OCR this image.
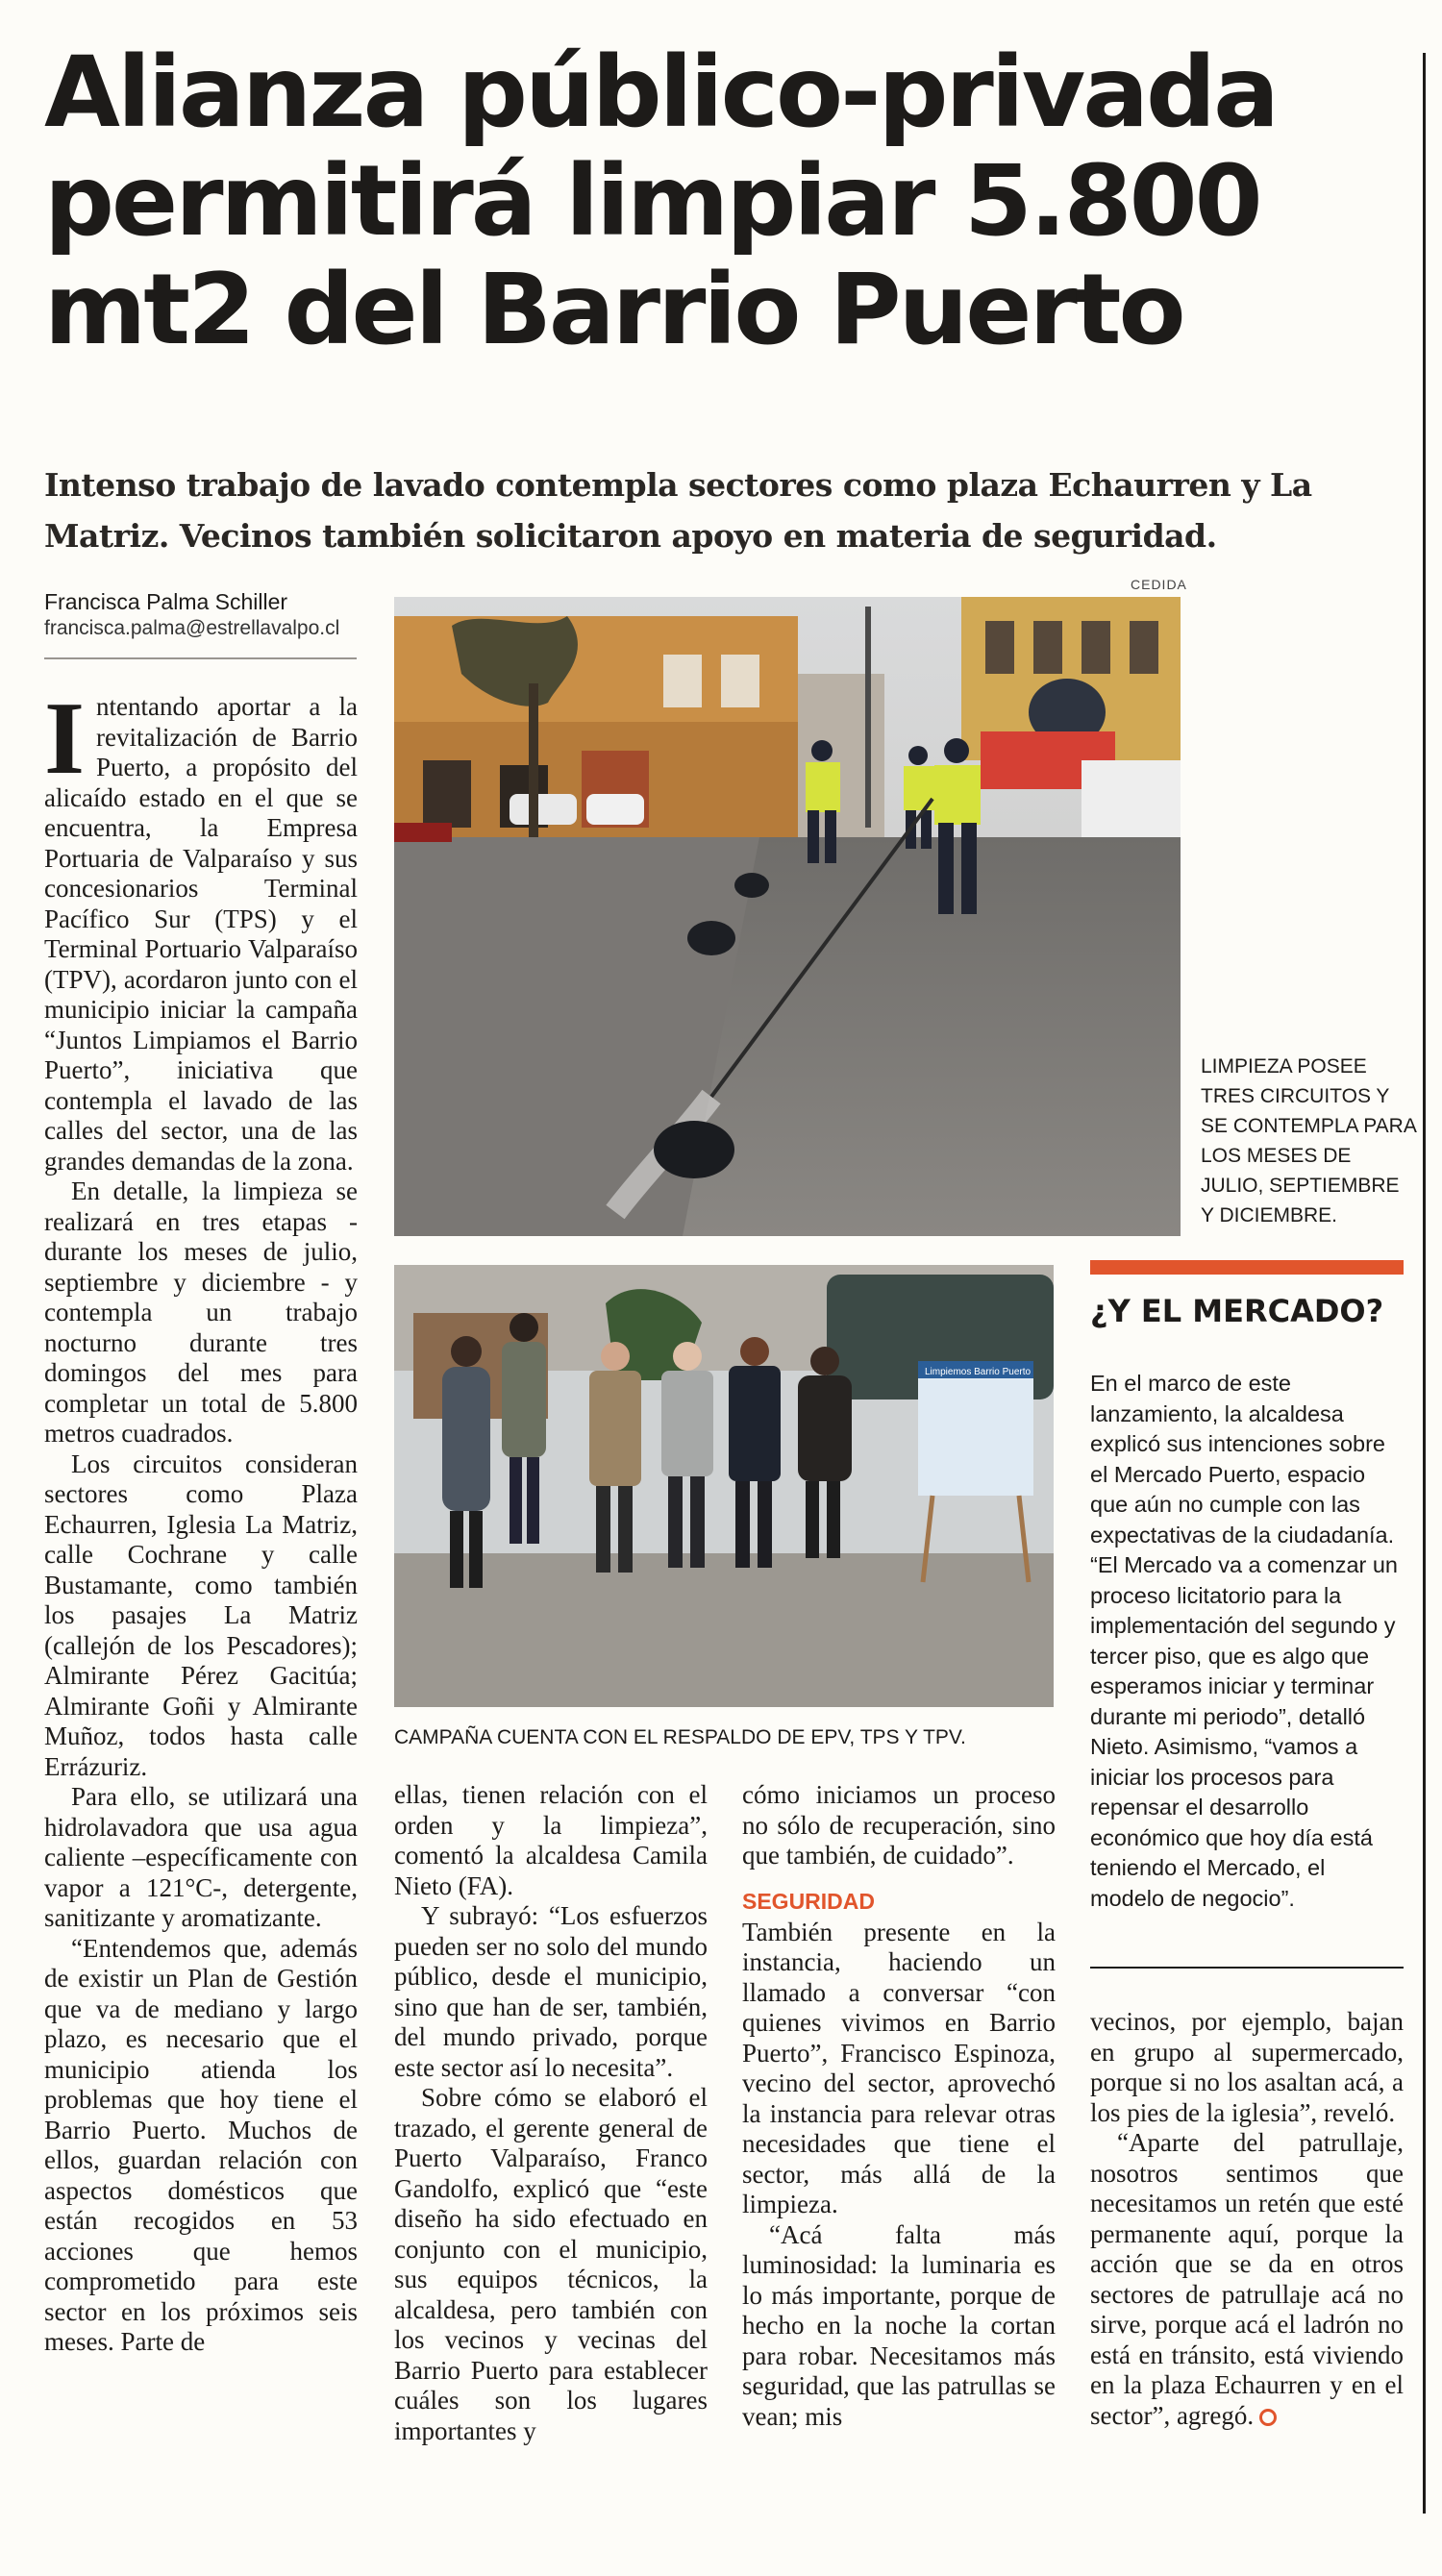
Alianza público-privada permitirá limpiar 5.800 mt2 del Barrio Puerto
Intenso trabajo de lavado contempla sectores como plaza Echaurren y La Matriz. Vecinos también solicitaron apoyo en materia de seguridad.
Francisca Palma Schiller
francisca.palma@estrellavalpo.cl

Intentando aportar a la revitalización de Barrio Puerto, a propósito del alicaído estado en el que se encuentra, la Empresa Portuaria de Valparaíso y sus concesionarios Terminal Pacífico Sur (TPS) y el Terminal Portuario Valparaíso (TPV), acordaron junto con el municipio iniciar la campaña “Juntos Limpiamos el Barrio Puerto”, iniciativa que contempla el lavado de las calles del sector, una de las grandes demandas de la zona.

En detalle, la limpieza se realizará en tres etapas - durante los meses de julio, septiembre y diciembre - y contempla un trabajo nocturno durante tres domingos del mes para completar un total de 5.800 metros cuadrados.

Los circuitos consideran sectores como Plaza Echaurren, Iglesia La Matriz, calle Cochrane y calle Bustamante, como también los pasajes La Matriz (callejón de los Pescadores); Almirante Pérez Gacitúa; Almirante Goñi y Almirante Muñoz, todos hasta calle Errázuriz.

Para ello, se utilizará una hidrolavadora que usa agua caliente –específicamente con vapor a 121°C-, detergente, sanitizante y aromatizante.

“Entendemos que, además de existir un Plan de Gestión que va de mediano y largo plazo, es necesario que el municipio atienda los problemas que hoy tiene el Barrio Puerto. Muchos de ellos, guardan relación con aspectos domésticos que están recogidos en 53 acciones que hemos comprometido para este sector en los próximos seis meses. Parte de

CEDIDA
LIMPIEZA POSEE TRES CIRCUITOS Y SE CONTEMPLA PARA LOS MESES DE JULIO, SEPTIEMBRE Y DICIEMBRE.
Limpiemos Barrio Puerto
CAMPAÑA CUENTA CON EL RESPALDO DE EPV, TPS Y TPV.

ellas, tienen relación con el orden y la limpieza”, comentó la alcaldesa Camila Nieto (FA).

Y subrayó: “Los esfuerzos pueden ser no solo del mundo público, desde el municipio, sino que han de ser, también, del mundo privado, porque este sector así lo necesita”.

Sobre cómo se elaboró el trazado, el gerente general de Puerto Valparaíso, Franco Gandolfo, explicó que “este diseño ha sido efectuado en conjunto con el municipio, sus equipos técnicos, la alcaldesa, pero también con los vecinos y vecinas del Barrio Puerto para establecer cuáles son los lugares importantes y

cómo iniciamos un proceso no sólo de recuperación, sino que también, de cuidado”.

SEGURIDAD

También presente en la instancia, haciendo un llamado a conversar “con quienes vivimos en Barrio Puerto”, Francisco Espinoza, vecino del sector, aprovechó la instancia para relevar otras necesidades que tiene el sector, más allá de la limpieza.

“Acá falta más luminosidad: la luminaria es lo más importante, porque de hecho en la noche la cortan para robar. Necesitamos más seguridad, que las patrullas se vean; mis

¿Y EL MERCADO?
En el marco de este lanzamiento, la alcaldesa explicó sus intenciones sobre el Mercado Puerto, espacio que aún no cumple con las expectativas de la ciudadanía. “El Mercado va a comenzar un proceso licitatorio para la implementación del segundo y tercer piso, que es algo que esperamos iniciar y terminar durante mi periodo”, detalló Nieto. Asimismo, “vamos a iniciar los procesos para repensar el desarrollo económico que hoy día está teniendo el Mercado, el modelo de negocio”.

vecinos, por ejemplo, bajan en grupo al supermercado, porque si no los asaltan acá, a los pies de la iglesia”, reveló.

“Aparte del patrullaje, nosotros sentimos que necesitamos un retén que esté permanente aquí, porque la acción que se da en otros sectores de patrullaje acá no sirve, porque acá el ladrón no está en tránsito, está viviendo en la plaza Echaurren y en el sector”, agregó.
